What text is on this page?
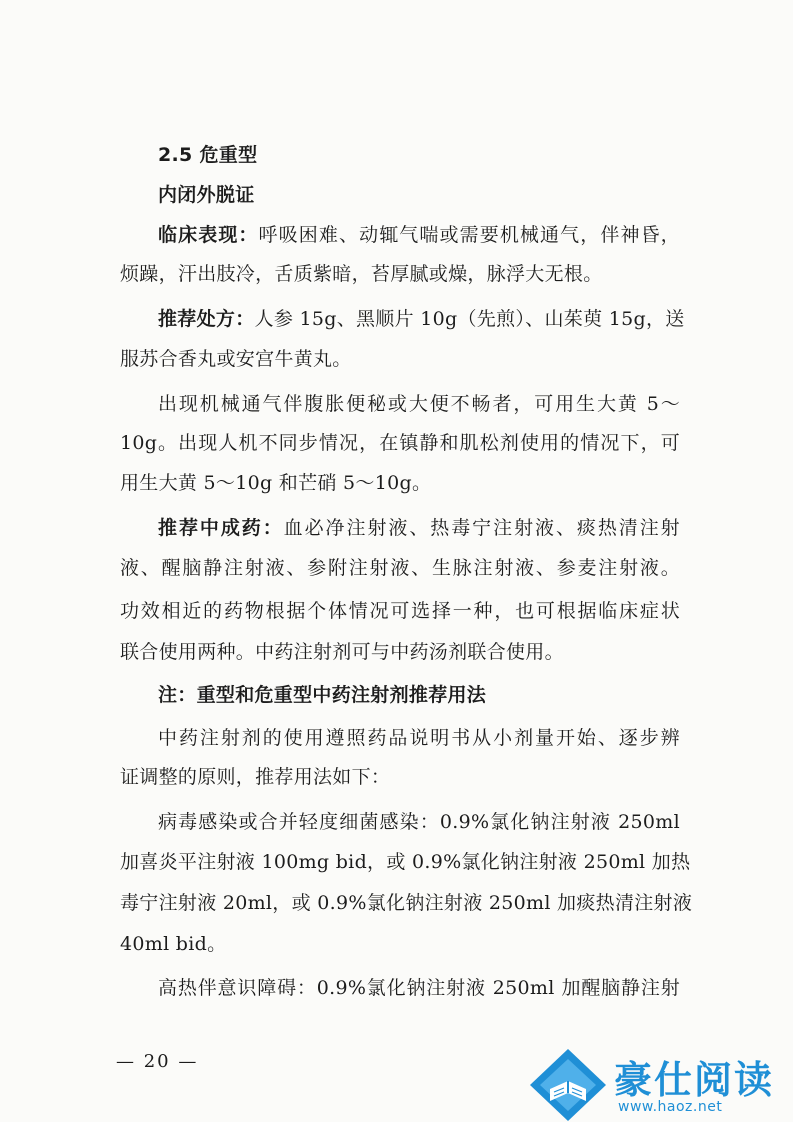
2.5 危重型
内闭外脱证
临床表现：呼吸困难、动辄气喘或需要机械通气，伴神昏，
烦躁，汗出肢冷，舌质紫暗，苔厚腻或燥，脉浮大无根。
推荐处方：人参 15g、黑顺片 10g（先煎）、山茱萸 15g，送
服苏合香丸或安宫牛黄丸。
出现机械通气伴腹胀便秘或大便不畅者，可用生大黄 5～
10g。出现人机不同步情况，在镇静和肌松剂使用的情况下，可
用生大黄 5～10g 和芒硝 5～10g。
推荐中成药：血必净注射液、热毒宁注射液、痰热清注射
液、醒脑静注射液、参附注射液、生脉注射液、参麦注射液。
功效相近的药物根据个体情况可选择一种，也可根据临床症状
联合使用两种。中药注射剂可与中药汤剂联合使用。
注：重型和危重型中药注射剂推荐用法
中药注射剂的使用遵照药品说明书从小剂量开始、逐步辨
证调整的原则，推荐用法如下：
病毒感染或合并轻度细菌感染：0.9%氯化钠注射液 250ml
加喜炎平注射液 100mg bid，或 0.9%氯化钠注射液 250ml 加热
毒宁注射液 20ml，或 0.9%氯化钠注射液 250ml 加痰热清注射液
40ml bid。
高热伴意识障碍：0.9%氯化钠注射液 250ml 加醒脑静注射
— 20 —	豪仕阅读
www.haoz.net
